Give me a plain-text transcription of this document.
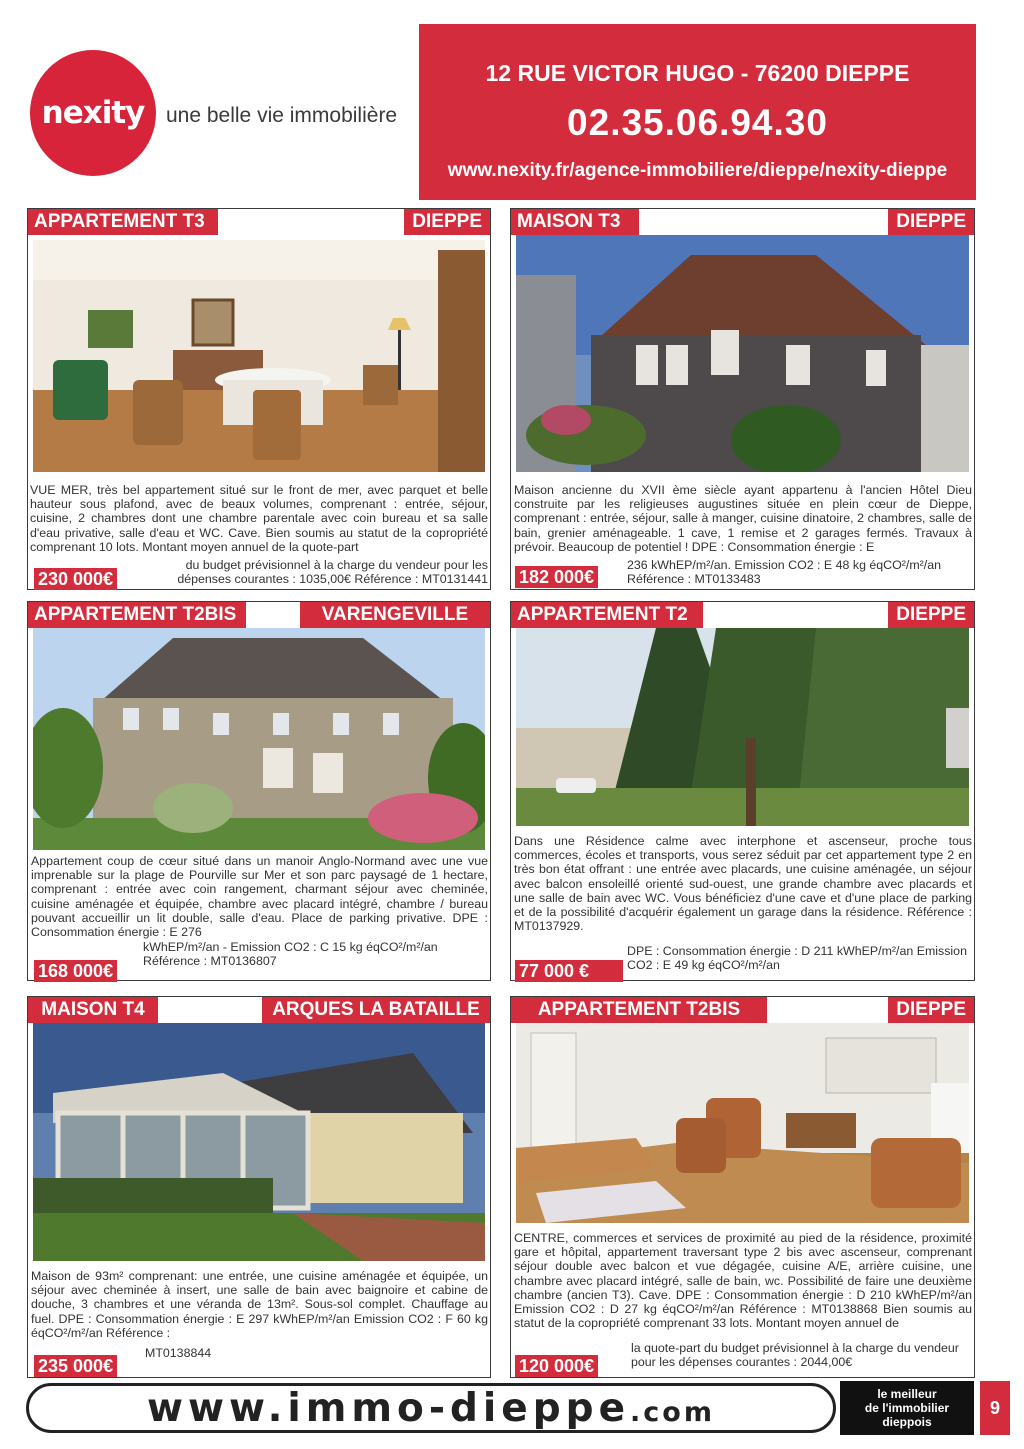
nexity une belle vie immobilière
12 RUE VICTOR HUGO - 76200 DIEPPE
02.35.06.94.30
www.nexity.fr/agence-immobiliere/dieppe/nexity-dieppe
APPARTEMENT T3	DIEPPE
VUE MER, très bel appartement situé sur le front de mer, avec parquet et belle hauteur sous plafond, avec de beaux volumes, comprenant : entrée, séjour, cuisine, 2 chambres dont une chambre parentale avec coin bureau et sa salle d'eau privative, salle d'eau et WC. Cave. Bien soumis au statut de la copropriété comprenant 10 lots. Montant moyen annuel de la quote-part
du budget prévisionnel à la charge du vendeur pour les dépenses courantes : 1035,00€ Référence : MT0131441
230 000€
MAISON T3	DIEPPE
Maison ancienne du XVII ème siècle ayant appartenu à l'ancien Hôtel Dieu construite par les religieuses augustines située en plein cœur de Dieppe, comprenant : entrée, séjour, salle à manger, cuisine dinatoire, 2 chambres, salle de bain, grenier aménageable. 1 cave, 1 remise et 2 garages fermés. Travaux à prévoir. Beaucoup de potentiel ! DPE : Consommation énergie : E
236 kWhEP/m²/an. Emission CO2 : E 48 kg éqCO²/m²/an Référence : MT0133483
182 000€
APPARTEMENT T2BIS	VARENGEVILLE
Appartement coup de cœur situé dans un manoir Anglo-Normand avec une vue imprenable sur la plage de Pourville sur Mer et son parc paysagé de 1 hectare, comprenant : entrée avec coin rangement, charmant séjour avec cheminée, cuisine aménagée et équipée, chambre avec placard intégré, chambre / bureau pouvant accueillir un lit double, salle d'eau. Place de parking privative. DPE : Consommation énergie : E 276
kWhEP/m²/an - Emission CO2 : C 15 kg éqCO²/m²/an Référence : MT0136807
168 000€
APPARTEMENT T2	DIEPPE
Dans une Résidence calme avec interphone et ascenseur, proche tous commerces, écoles et transports, vous serez séduit par cet appartement type 2 en très bon état offrant : une entrée avec placards, une cuisine aménagée, un séjour avec balcon ensoleillé orienté sud-ouest, une grande chambre avec placards et une salle de bain avec WC. Vous bénéficiez d'une cave et d'une place de parking et de la possibilité d'acquérir également un garage dans la résidence. Référence : MT0137929.
DPE : Consommation énergie : D 211 kWhEP/m²/an Emission CO2 : E 49 kg éqCO²/m²/an
77 000 €
MAISON T4	ARQUES LA BATAILLE
Maison de 93m² comprenant: une entrée, une cuisine aménagée et équipée, un séjour avec cheminée à insert, une salle de bain avec baignoire et cabine de douche, 3 chambres et une véranda de 13m². Sous-sol complet. Chauffage au fuel. DPE : Consommation énergie : E 297 kWhEP/m²/an Emission CO2 : F 60 kg éqCO²/m²/an Référence :
MT0138844
235 000€
APPARTEMENT T2BIS	DIEPPE
CENTRE, commerces et services de proximité au pied de la résidence, proximité gare et hôpital, appartement traversant type 2 bis avec ascenseur, comprenant séjour double avec balcon et vue dégagée, cuisine A/E, arrière cuisine, une chambre avec placard intégré, salle de bain, wc. Possibilité de faire une deuxième chambre (ancien T3). Cave. DPE : Consommation énergie : D 210 kWhEP/m²/an Emission CO2 : D 27 kg éqCO²/m²/an Référence : MT0138868 Bien soumis au statut de la copropriété comprenant 33 lots. Montant moyen annuel de
la quote-part du budget prévisionnel à la charge du vendeur pour les dépenses courantes : 2044,00€
120 000€
www.immo-dieppe.com
le meilleur
de l'immobilier
dieppois
9
